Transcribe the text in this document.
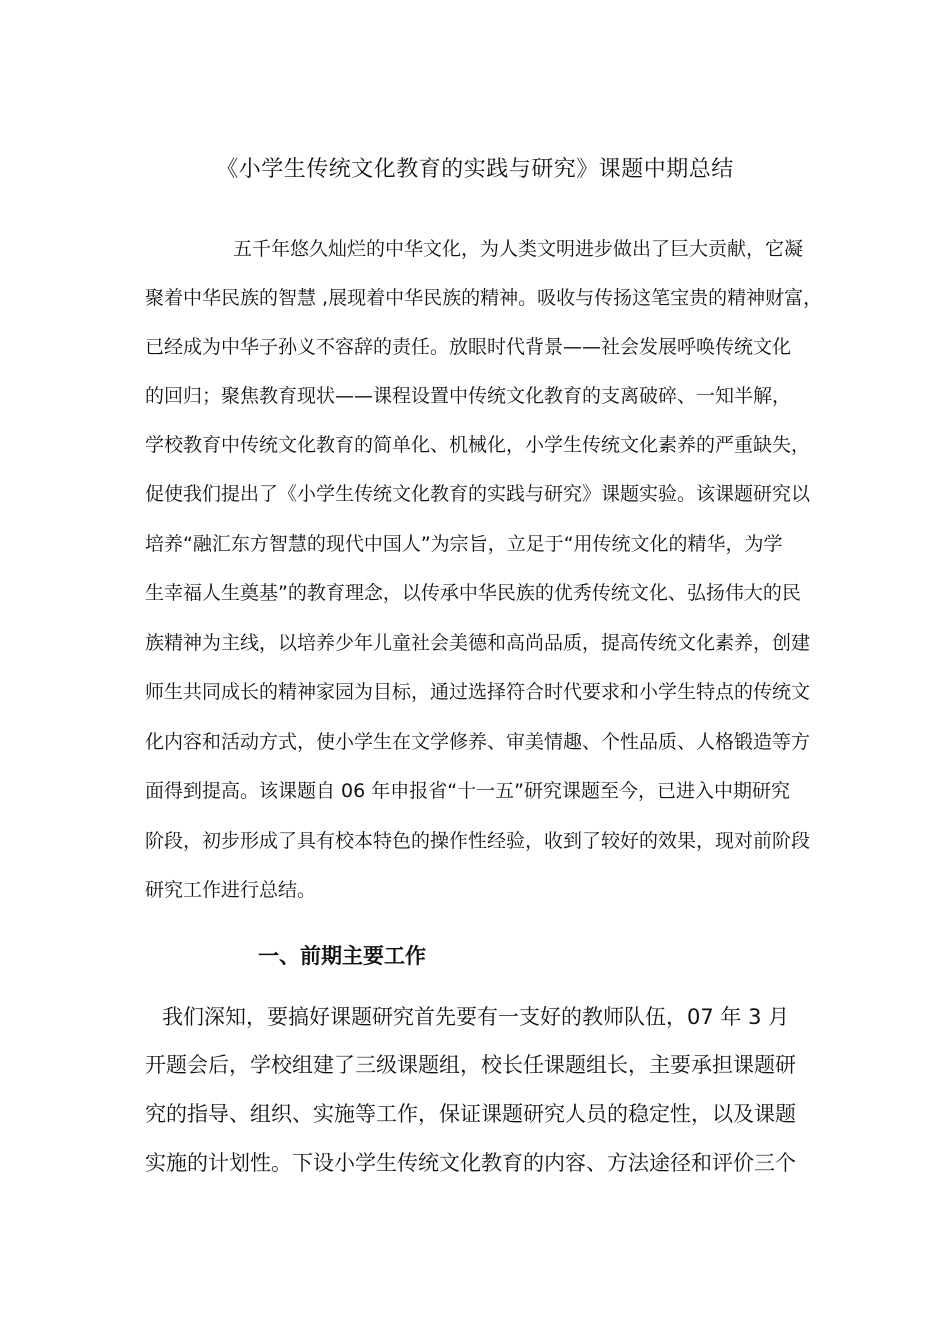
《小学生传统文化教育的实践与研究》课题中期总结
五千年悠久灿烂的中华文化，为人类文明进步做出了巨大贡献，它凝
聚着中华民族的智慧 ,展现着中华民族的精神。吸收与传扬这笔宝贵的精神财富，
已经成为中华子孙义不容辞的责任。放眼时代背景——社会发展呼唤传统文化
的回归；聚焦教育现状——课程设置中传统文化教育的支离破碎、一知半解，
学校教育中传统文化教育的简单化、机械化，小学生传统文化素养的严重缺失，
促使我们提出了《小学生传统文化教育的实践与研究》课题实验。该课题研究以
培养“融汇东方智慧的现代中国人”为宗旨，立足于“用传统文化的精华，为学
生幸福人生奠基”的教育理念，以传承中华民族的优秀传统文化、弘扬伟大的民
族精神为主线，以培养少年儿童社会美德和高尚品质，提高传统文化素养，创建
师生共同成长的精神家园为目标，通过选择符合时代要求和小学生特点的传统文
化内容和活动方式，使小学生在文学修养、审美情趣、个性品质、人格锻造等方
面得到提高。该课题自 06 年申报省“十一五”研究课题至今，已进入中期研究
阶段，初步形成了具有校本特色的操作性经验，收到了较好的效果，现对前阶段
研究工作进行总结。
一、前期主要工作
我们深知，要搞好课题研究首先要有一支好的教师队伍，07 年 3 月
开题会后，学校组建了三级课题组，校长任课题组长，主要承担课题研
究的指导、组织、实施等工作，保证课题研究人员的稳定性，以及课题
实施的计划性。下设小学生传统文化教育的内容、方法途径和评价三个
